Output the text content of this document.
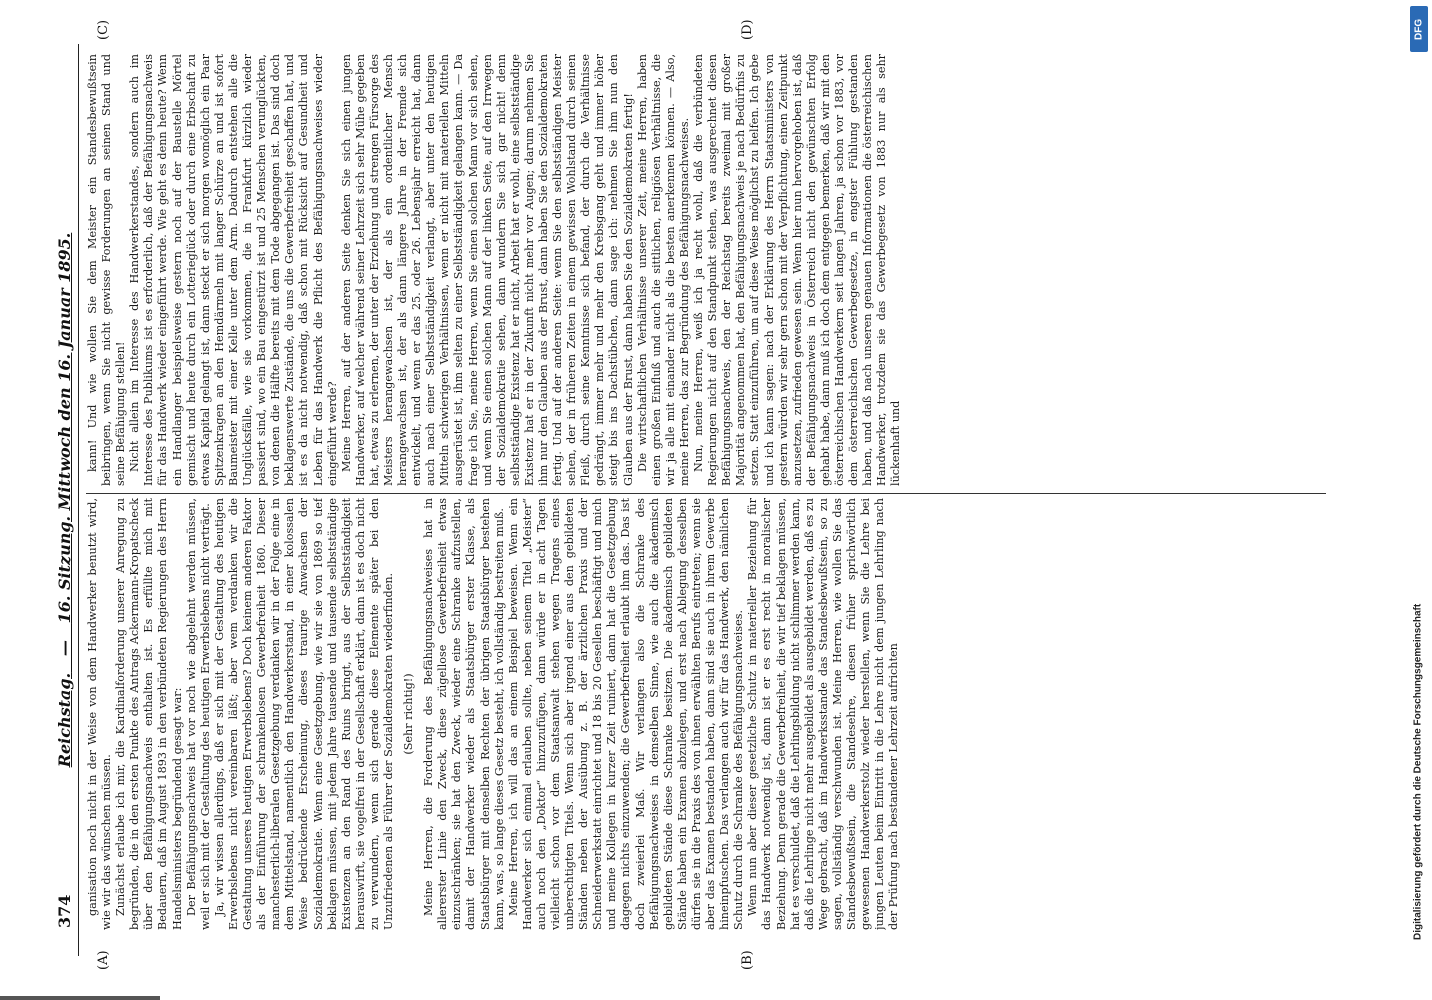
374
Reichstag.   —   16. Sitzung. Mittwoch den 16. Januar 1895.
(A)	(B)
(C)	(D)

ganisation noch nicht in der Weise von dem Handwerker benutzt wird, wie wir das wünschen müssen. Zunächst erlaube ich mir, die Kardinalforderung unserer Anregung zu begründen, die in den ersten Punkte des Antrags Ackermann-Kropatscheck über den Befähigungsnachweis enthalten ist. Es erfüllte mich mit Bedauern, daß im August 1893 in den verbündeten Regierungen des Herrn Handelsministers begründend gesagt war: Der Befähigungsnachweis hat vor noch wie abgelehnt werden müssen, weil er sich mit der Gestaltung des heutigen Erwerbslebens nicht verträgt. Ja, wir wissen allerdings, daß er sich mit der Gestaltung des heutigen Erwerbslebens nicht vereinbaren läßt; aber wem verdanken wir die Gestaltung unseres heutigen Erwerbslebens? Doch keinem anderen Faktor als der Einführung der schrankenlosen Gewerbefreiheit 1860. Dieser manchesterlich-liberalen Gesetzgebung verdanken wir in der Folge eine in dem Mittelstand, namentlich den Handwerkerstand, in einer kolossalen Weise bedrückende Erscheinung, dieses traurige Anwachsen der Sozialdemokratie. Wenn eine Gesetzgebung, wie wir sie von 1869 so tief beklagen müssen, mit jedem Jahre tausende und tausende selbstständige Existenzen an den Rand des Ruins bringt, aus der Selbstständigkeit herauswirft, sie vogelfrei in der Gesellschaft erklärt, dann ist es doch nicht zu verwundern, wenn sich gerade diese Elemente später bei den Unzufriedenen als Führer der Sozialdemokraten wiederfinden. (Sehr richtig!) Meine Herren, die Forderung des Befähigungsnachweises hat in allererster Linie den Zweck, diese zügellose Gewerbefreiheit etwas einzuschränken; sie hat den Zweck, wieder eine Schranke aufzustellen, damit der Handwerker wieder als Staatsbürger erster Klasse, als Staatsbürger mit denselben Rechten der übrigen Staatsbürger bestehen kann, was, so lange dieses Gesetz besteht, ich vollständig bestreiten muß. Meine Herren, ich will das an einem Beispiel beweisen. Wenn ein Handwerker sich einmal erlauben sollte, neben seinem Titel „Meister“ auch noch den „Doktor“ hinzuzufügen, dann würde er in acht Tagen vielleicht schon vor dem Staatsanwalt stehen wegen Tragens eines unberechtigten Titels. Wenn sich aber irgend einer aus den gebildeten Ständen neben der Ausübung z. B. der ärztlichen Praxis und der Schneiderwerkstatt einrichtet und 18 bis 20 Gesellen beschäftigt und mich und meine Kollegen in kurzer Zeit ruiniert, dann hat die Gesetzgebung dagegen nichts einzuwenden; die Gewerbefreiheit erlaubt ihm das. Das ist doch zweierlei Maß. Wir verlangen also die Schranke des Befähigungsnachweises in demselben Sinne, wie auch die akademisch gebildeten Stände diese Schranke besitzen. Die akademisch gebildeten Stände haben ein Examen abzulegen, und erst nach Ablegung desselben dürfen sie in die Praxis des von ihnen erwählten Berufs eintreten; wenn sie aber das Examen bestanden haben, dann sind sie auch in ihrem Gewerbe hineinpfuschen. Das verlangen auch wir für das Handwerk, den nämlichen Schutz durch die Schranke des Befähigungsnachweises. Wenn nun aber dieser gesetzliche Schutz in materieller Beziehung für das Handwerk notwendig ist, dann ist er es erst recht in moralischer Beziehung. Denn gerade die Gewerbefreiheit, die wir tief beklagen müssen, hat es verschuldet, daß die Lehrlingsbildung nicht schlimmer werden kann, daß die Lehrlinge nicht mehr ausgebildet als ausgebildet werden, daß es zu Wege gebracht, daß im Handwerksstande das Standesbewußtsein, so zu sagen, vollständig verschwunden ist. Meine Herren, wie wollen Sie das Standesbewußtsein, die Standesehre, diesen früher sprichwörtlich gewesenen Handwerkerstolz wieder herstellen, wenn Sie die Lehre bei jungen Leuten beim Eintritt in die Lehre nicht dem jungen Lehrling nach der Prüfung nach bestandener Lehrzeit aufrichten

kann! Und wie wollen Sie dem Meister ein Standesbewußtsein beibringen, wenn Sie nicht gewisse Forderungen an seinen Stand und seine Befähigung stellen! Nicht allein im Interesse des Handwerkerstandes, sondern auch im Interesse des Publikums ist es erforderlich, daß der Befähigungsnachweis für das Handwerk wieder eingeführt werde. Wie geht es denn heute? Wenn ein Handlanger beispielsweise gestern noch auf der Baustelle Mörtel gemischt und heute durch ein Lotterieglück oder durch eine Erbschaft zu etwas Kapital gelangt ist, dann steckt er sich morgen womöglich ein Paar Spitzenkragen an den Hemdärmeln mit langer Schürze an und ist sofort Baumeister mit einer Kelle unter dem Arm. Dadurch entstehen alle die Unglücksfälle, wie sie vorkommen, die in Frankfurt kürzlich wieder passiert sind, wo ein Bau eingestürzt ist und 25 Menschen verunglückten, von denen die Hälfte bereits mit dem Tode abgegangen ist. Das sind doch beklagenswerte Zustände, die uns die Gewerbefreiheit geschaffen hat, und ist es da nicht notwendig, daß schon mit Rücksicht auf Gesundheit und Leben für das Handwerk die Pflicht des Befähigungsnachweises wieder eingeführt werde? Meine Herren, auf der anderen Seite denken Sie sich einen jungen Handwerker, auf welcher während seiner Lehrzeit sich sehr Mühe gegeben hat, etwas zu erlernen, der unter der Erziehung und strengen Fürsorge des Meisters herangewachsen ist, der als ein ordentlicher Mensch herangewachsen ist, der als dann längere Jahre in der Fremde sich entwickelt, und wenn er das 25. oder 26. Lebensjahr erreicht hat, dann auch nach einer Selbstständigkeit verlangt, aber unter den heutigen Mitteln schwierigen Verhältnissen, wenn er nicht mit materiellen Mitteln ausgerüstet ist, ihm selten zu einer Selbstständigkeit gelangen kann. — Da frage ich Sie, meine Herren, wenn Sie einen solchen Mann vor sich sehen, und wenn Sie einen solchen Mann auf der linken Seite, auf den Irrwegen der Sozialdemokratie sehen, dann wundern Sie sich gar nicht! denn selbstständige Existenz hat er nicht, Arbeit hat er wohl, eine selbstständige Existenz hat er in der Zukunft nicht mehr vor Augen; darum nehmen Sie ihm nur den Glauben aus der Brust, dann haben Sie den Sozialdemokraten fertig. Und auf der anderen Seite: wenn Sie den selbstständigen Meister sehen, der in früheren Zeiten in einem gewissen Wohlstand durch seinen Fleiß, durch seine Kenntnisse sich befand, der durch die Verhältnisse gedrängt, immer mehr und mehr den Krebsgang geht und immer höher steigt bis ins Dachstübchen, dann sage ich: nehmen Sie ihm nun den Glauben aus der Brust, dann haben Sie den Sozialdemokraten fertig! Die wirtschaftlichen Verhältnisse unserer Zeit, meine Herren, haben einen großen Einfluß und auch die sittlichen, religiösen Verhältnisse, die wir ja alle mit einander nicht als die besten anerkennen können. — Also, meine Herren, das zur Begründung des Befähigungsnachweises. Nun, meine Herren, weiß ich ja recht wohl, daß die verbündeten Regierungen nicht auf den Standpunkt stehen, was ausgerechnet diesen Befähigungsnachweis, den der Reichstag bereits zweimal mit großer Majorität angenommen hat, den Befähigungsnachweis je nach Bedürfnis zu setzen. Statt einzuführen, um auf diese Weise möglichst zu helfen. Ich gebe und ich kann sagen: nach der Erklärung des Herrn Staatsministers von gestern würden wir sehr gern schon mit der Verpflichtung, einen Zeitpunkt anzusetzen, zufrieden gewesen sein. Wenn hier nun hervorgehoben ist, daß der Befähigungsnachweis in Österreich nicht den gewünschten Erfolg gehabt habe, dann muß ich doch dem entgegen bemerken, daß wir mit den österreichischen Handwerkern seit langen Jahren, ja schon vor 1883, vor dem österreichischen Gewerbegesetze, in engster Fühlung gestanden haben, und daß nach unseren genauen Informationen die österreichischen Handwerker, trotzdem sie das Gewerbegesetz von 1883 nur als sehr lückenhaft und

DFG
Digitalisierung gefördert durch die Deutsche Forschungsgemeinschaft
